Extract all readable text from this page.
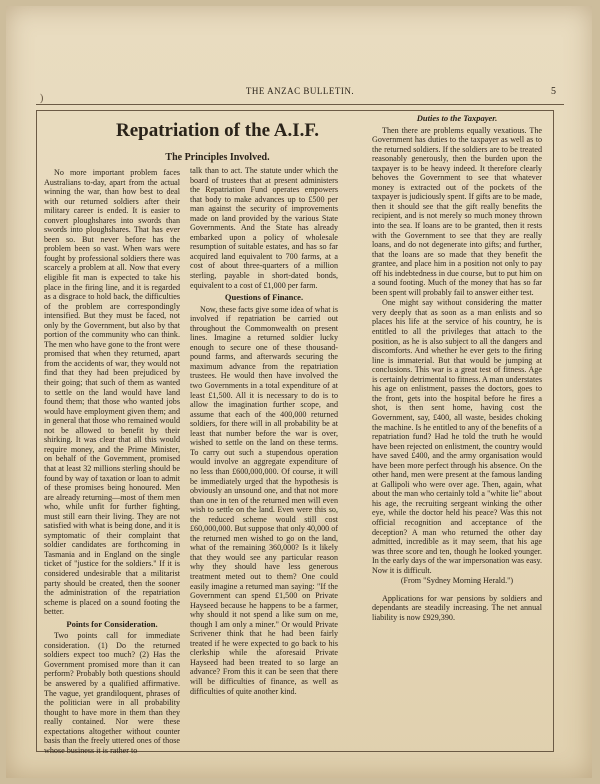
)
THE ANZAC BULLETIN.	5
Repatriation of the A.I.F.
The Principles Involved.

No more important problem faces Australians to-day, apart from the actual winning the war, than how best to deal with our returned soldiers after their military career is ended. It is easier to convert ploughshares into swords than swords into ploughshares. That has ever been so. But never before has the problem been so vast. When wars were fought by professional soldiers there was scarcely a problem at all. Now that every eligible fit man is expected to take his place in the firing line, and it is regarded as a disgrace to hold back, the difficulties of the problem are correspondingly intensified. But they must be faced, not only by the Government, but also by that portion of the community who can think. The men who have gone to the front were promised that when they returned, apart from the accidents of war, they would not find that they had been prejudiced by their going; that such of them as wanted to settle on the land would have land found them; that those who wanted jobs would have employment given them; and in general that those who remained would not be allowed to benefit by their shirking. It was clear that all this would require money, and the Prime Minister, on behalf of the Government, promised that at least 32 millions sterling should be found by way of taxation or loan to admit of these promises being honoured. Men are already returning—most of them men who, while unfit for further fighting, must still earn their living. They are not satisfied with what is being done, and it is symptomatic of their complaint that soldier candidates are forthcoming in Tasmania and in England on the single ticket of "justice for the soldiers." If it is considered undesirable that a militarist party should be created, then the sooner the administration of the repatriation scheme is placed on a sound footing the better.

Points for Consideration.

Two points call for immediate consideration. (1) Do the returned soldiers expect too much? (2) Has the Government promised more than it can perform? Probably both questions should be answered by a qualified affirmative. The vague, yet grandiloquent, phrases of the politician were in all probability thought to have more in them than they really contained. Nor were these expectations altogether without counter basis than the freely uttered ones of those whose business it is rather to

talk than to act. The statute under which the board of trustees that at present administers the Repatriation Fund operates empowers that body to make advances up to £500 per man against the security of improvements made on land provided by the various State Governments. And the State has already embarked upon a policy of wholesale resumption of suitable estates, and has so far acquired land equivalent to 700 farms, at a cost of about three-quarters of a million sterling, payable in short-dated bonds, equivalent to a cost of £1,000 per farm.

Questions of Finance.

Now, these facts give some idea of what is involved if repatriation be carried out throughout the Commonwealth on present lines. Imagine a returned soldier lucky enough to secure one of these thousand-pound farms, and afterwards securing the maximum advance from the repatriation trustees. He would then have involved the two Governments in a total expenditure of at least £1,500. All it is necessary to do is to allow the imagination further scope, and assume that each of the 400,000 returned soldiers, for there will in all probability be at least that number before the war is over, wished to settle on the land on these terms. To carry out such a stupendous operation would involve an aggregate expenditure of no less than £600,000,000. Of course, it will be immediately urged that the hypothesis is obviously an unsound one, and that not more than one in ten of the returned men will even wish to settle on the land. Even were this so, the reduced scheme would still cost £60,000,000. But suppose that only 40,000 of the returned men wished to go on the land, what of the remaining 360,000? Is it likely that they would see any particular reason why they should have less generous treatment meted out to them? One could easily imagine a returned man saying: "If the Government can spend £1,500 on Private Hayseed because he happens to be a farmer, why should it not spend a like sum on me, though I am only a miner." Or would Private Scrivener think that he had been fairly treated if he were expected to go back to his clerkship while the aforesaid Private Hayseed had been treated to so large an advance? From this it can be seen that there will be difficulties of finance, as well as difficulties of quite another kind.

Duties to the Taxpayer.

Then there are problems equally vexatious. The Government has duties to the taxpayer as well as to the returned soldiers. If the soldiers are to be treated reasonably generously, then the burden upon the taxpayer is to be heavy indeed. It therefore clearly behoves the Government to see that whatever money is extracted out of the pockets of the taxpayer is judiciously spent. If gifts are to be made, then it should see that the gift really benefits the recipient, and is not merely so much money thrown into the sea. If loans are to be granted, then it rests with the Government to see that they are really loans, and do not degenerate into gifts; and further, that the loans are so made that they benefit the grantee, and place him in a position not only to pay off his indebtedness in due course, but to put him on a sound footing. Much of the money that has so far been spent will probably fail to answer either test.

One might say without considering the matter very deeply that as soon as a man enlists and so places his life at the service of his country, he is entitled to all the privileges that attach to the position, as he is also subject to all the dangers and discomforts. And whether he ever gets to the firing line is immaterial. But that would be jumping at conclusions. This war is a great test of fitness. Age is certainly detrimental to fitness. A man understates his age on enlistment, passes the doctors, goes to the front, gets into the hospital before he fires a shot, is then sent home, having cost the Government, say, £400, all waste, besides choking the machine. Is he entitled to any of the benefits of a repatriation fund? Had he told the truth he would have been rejected on enlistment, the country would have saved £400, and the army organisation would have been more perfect through his absence. On the other hand, men were present at the famous landing at Gallipoli who were over age. Then, again, what about the man who certainly told a "white lie" about his age, the recruiting sergeant winking the other eye, while the doctor held his peace? Was this not official recognition and acceptance of the deception? A man who returned the other day admitted, incredible as it may seem, that his age was three score and ten, though he looked younger. In the early days of the war impersonation was easy. Now it is difficult.

(From "Sydney Morning Herald.")

Applications for war pensions by soldiers and dependants are steadily increasing. The net annual liability is now £929,390.
